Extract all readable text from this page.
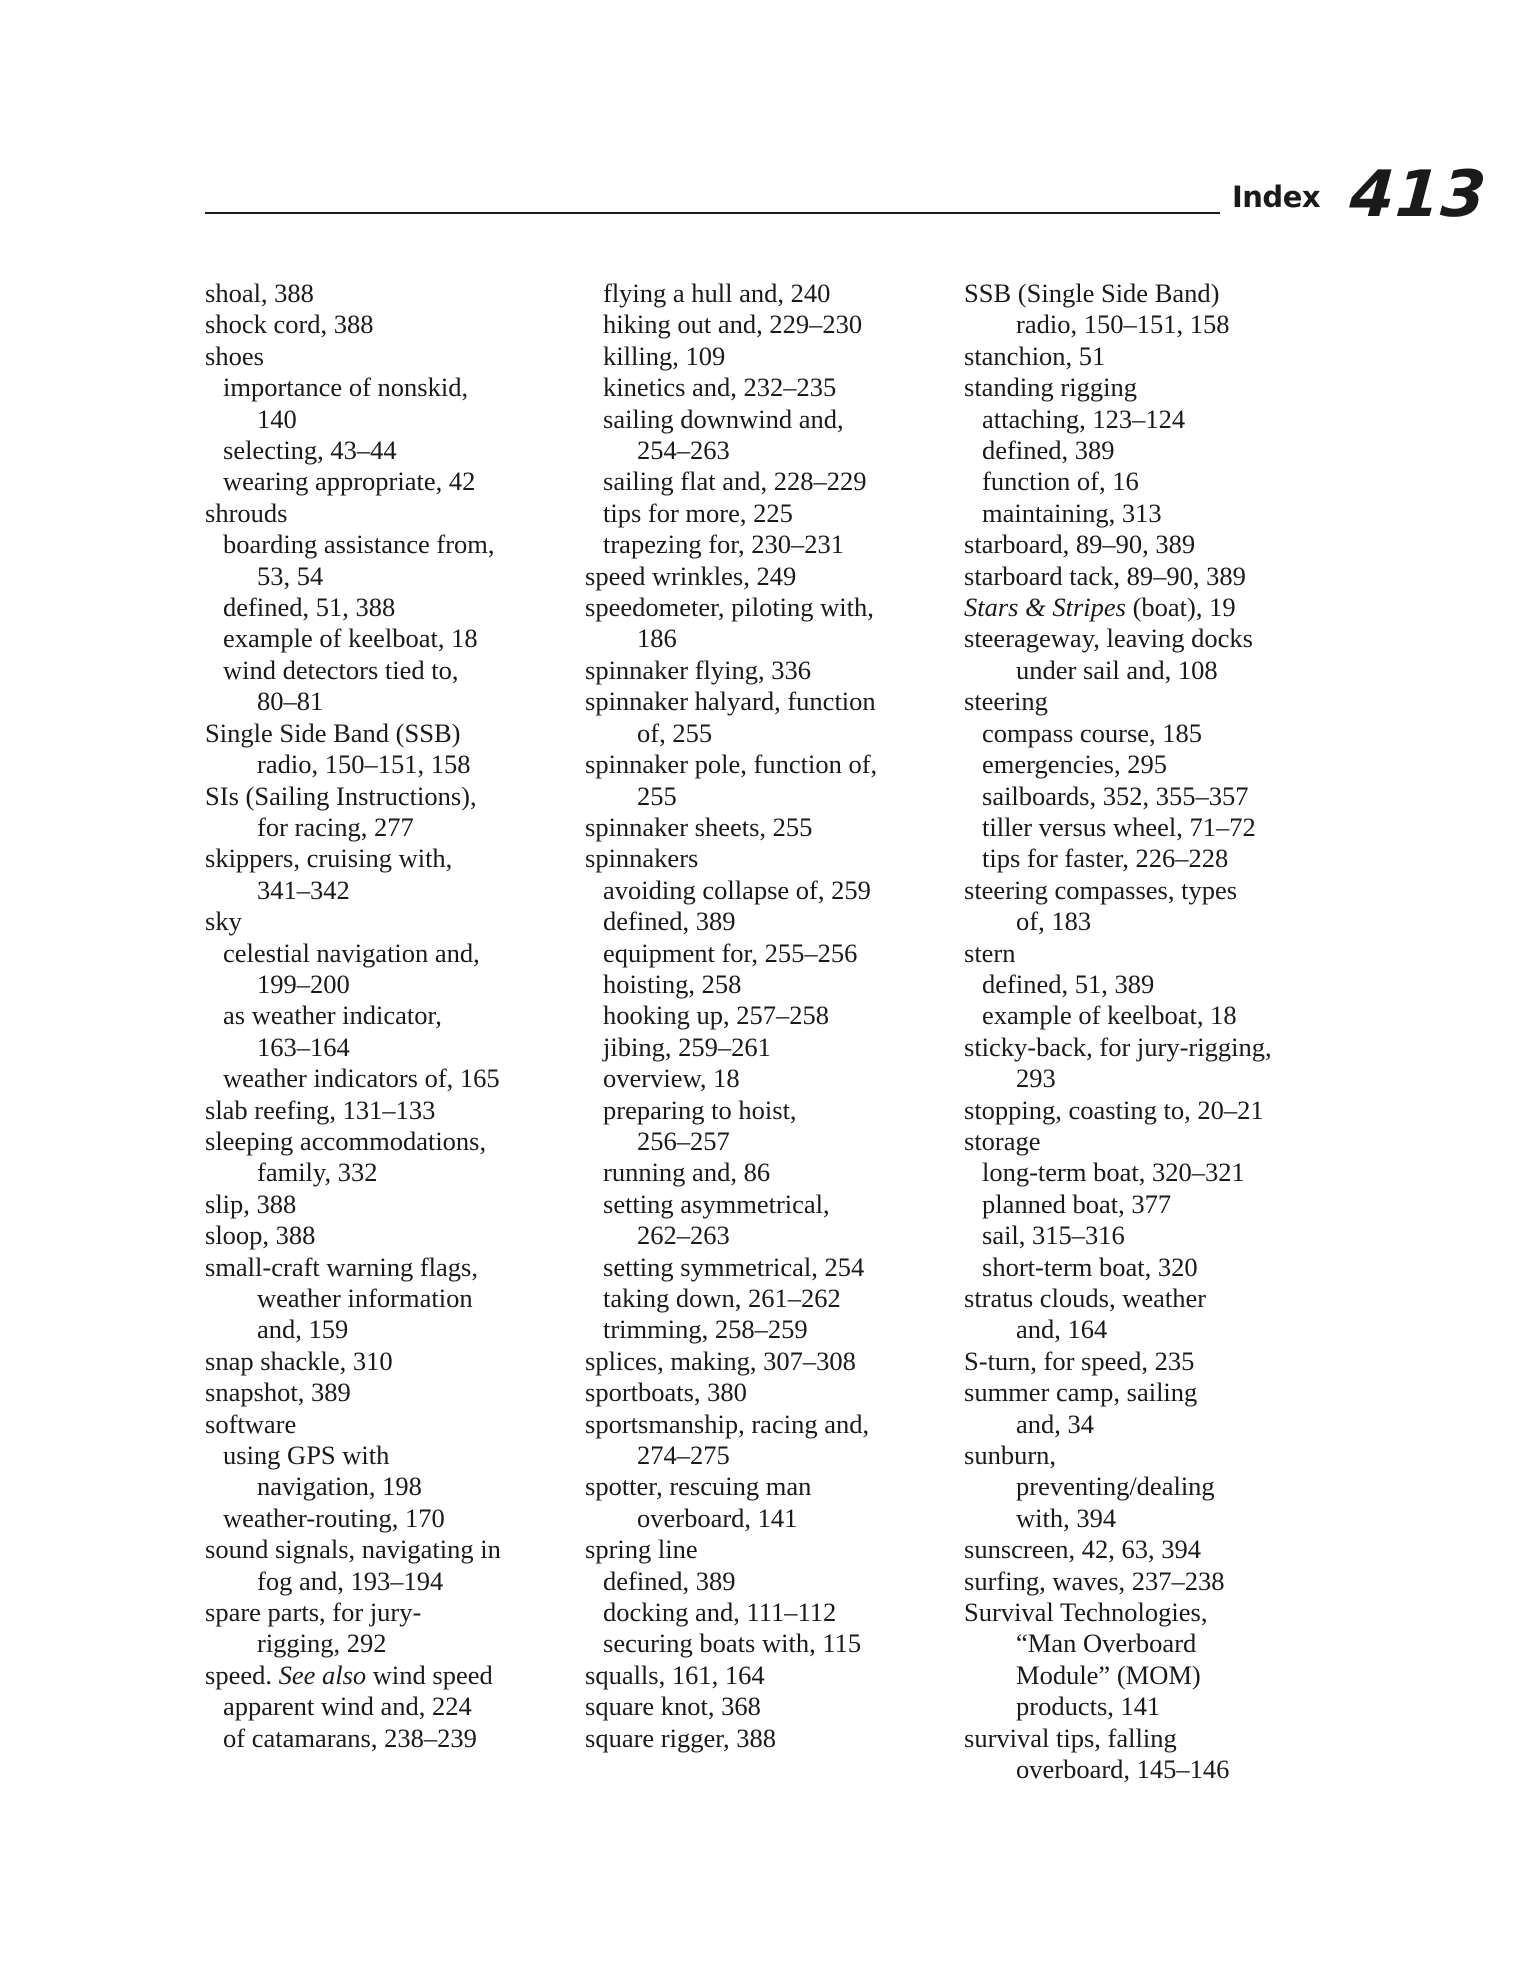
Index 413
shoal, 388
shock cord, 388
shoes
importance of nonskid,
140
selecting, 43–44
wearing appropriate, 42
shrouds
boarding assistance from,
53, 54
defined, 51, 388
example of keelboat, 18
wind detectors tied to,
80–81
Single Side Band (SSB)
radio, 150–151, 158
SIs (Sailing Instructions),
for racing, 277
skippers, cruising with,
341–342
sky
celestial navigation and,
199–200
as weather indicator,
163–164
weather indicators of, 165
slab reefing, 131–133
sleeping accommodations,
family, 332
slip, 388
sloop, 388
small-craft warning flags,
weather information
and, 159
snap shackle, 310
snapshot, 389
software
using GPS with
navigation, 198
weather-routing, 170
sound signals, navigating in
fog and, 193–194
spare parts, for jury-
rigging, 292
speed. See also wind speed
apparent wind and, 224
of catamarans, 238–239
flying a hull and, 240
hiking out and, 229–230
killing, 109
kinetics and, 232–235
sailing downwind and,
254–263
sailing flat and, 228–229
tips for more, 225
trapezing for, 230–231
speed wrinkles, 249
speedometer, piloting with,
186
spinnaker flying, 336
spinnaker halyard, function
of, 255
spinnaker pole, function of,
255
spinnaker sheets, 255
spinnakers
avoiding collapse of, 259
defined, 389
equipment for, 255–256
hoisting, 258
hooking up, 257–258
jibing, 259–261
overview, 18
preparing to hoist,
256–257
running and, 86
setting asymmetrical,
262–263
setting symmetrical, 254
taking down, 261–262
trimming, 258–259
splices, making, 307–308
sportboats, 380
sportsmanship, racing and,
274–275
spotter, rescuing man
overboard, 141
spring line
defined, 389
docking and, 111–112
securing boats with, 115
squalls, 161, 164
square knot, 368
square rigger, 388
SSB (Single Side Band)
radio, 150–151, 158
stanchion, 51
standing rigging
attaching, 123–124
defined, 389
function of, 16
maintaining, 313
starboard, 89–90, 389
starboard tack, 89–90, 389
Stars & Stripes (boat), 19
steerageway, leaving docks
under sail and, 108
steering
compass course, 185
emergencies, 295
sailboards, 352, 355–357
tiller versus wheel, 71–72
tips for faster, 226–228
steering compasses, types
of, 183
stern
defined, 51, 389
example of keelboat, 18
sticky-back, for jury-rigging,
293
stopping, coasting to, 20–21
storage
long-term boat, 320–321
planned boat, 377
sail, 315–316
short-term boat, 320
stratus clouds, weather
and, 164
S-turn, for speed, 235
summer camp, sailing
and, 34
sunburn,
preventing/dealing
with, 394
sunscreen, 42, 63, 394
surfing, waves, 237–238
Survival Technologies,
“Man Overboard
Module” (MOM)
products, 141
survival tips, falling
overboard, 145–146
